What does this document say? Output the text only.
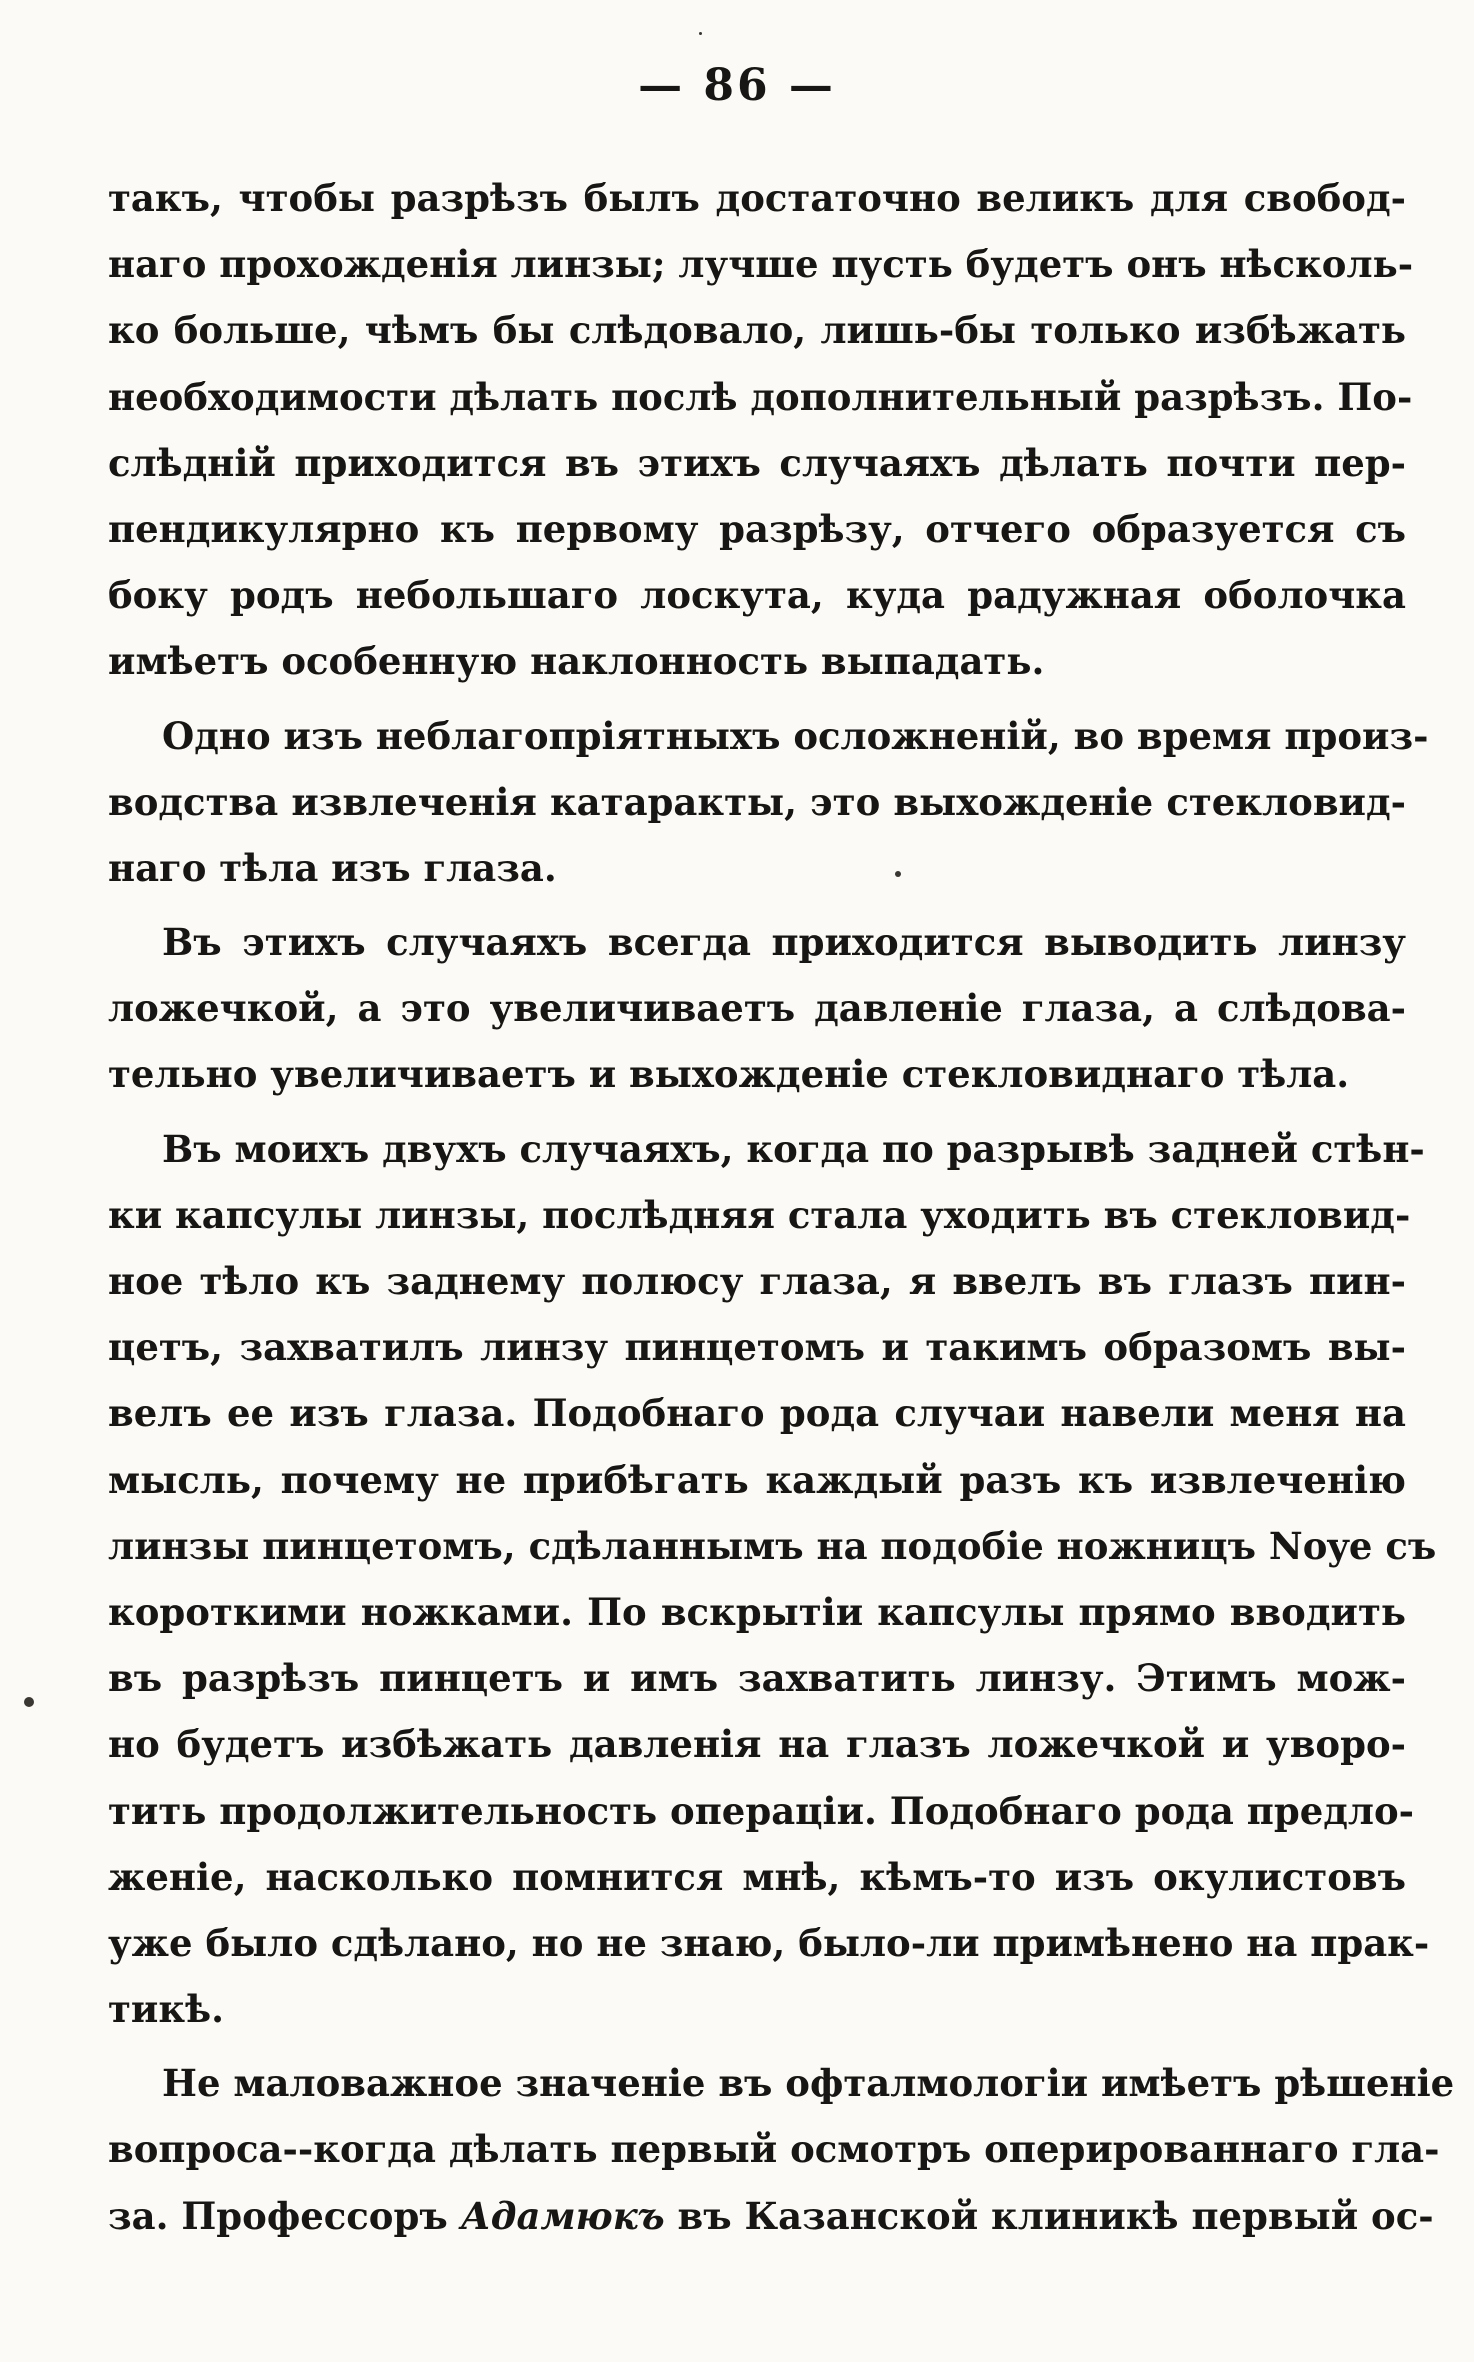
— 86 —
такъ, чтобы разрѣзъ былъ достаточно великъ для свобод-
наго прохожденія линзы; лучше пусть будетъ онъ нѣсколь-
ко больше, чѣмъ бы слѣдовало, лишь-бы только избѣжать
необходимости дѣлать послѣ дополнительный разрѣзъ. По-
слѣдній приходится въ этихъ случаяхъ дѣлать почти пер-
пендикулярно къ первому разрѣзу, отчего образуется съ
боку родъ небольшаго лоскута, куда радужная оболочка
имѣетъ особенную наклонность выпадать.
Одно изъ неблагопріятныхъ осложненій, во время произ-
водства извлеченія катаракты, это выхожденіе стекловид-
наго тѣла изъ глаза.
Въ этихъ случаяхъ всегда приходится выводить линзу
ложечкой, а это увеличиваетъ давленіе глаза, а слѣдова-
тельно увеличиваетъ и выхожденіе стекловиднаго тѣла.
Въ моихъ двухъ случаяхъ, когда по разрывѣ задней стѣн-
ки капсулы линзы, послѣдняя стала уходить въ стекловид-
ное тѣло къ заднему полюсу глаза, я ввелъ въ глазъ пин-
цетъ, захватилъ линзу пинцетомъ и такимъ образомъ вы-
велъ ее изъ глаза. Подобнаго рода случаи навели меня на
мысль, почему не прибѣгать каждый разъ къ извлеченію
линзы пинцетомъ, сдѣланнымъ на подобіе ножницъ Noyе съ
короткими ножками. По вскрытіи капсулы прямо вводить
въ разрѣзъ пинцетъ и имъ захватить линзу. Этимъ мож-
но будетъ избѣжать давленія на глазъ ложечкой и уворо-
тить продолжительность операціи. Подобнаго рода предло-
женіе, насколько помнится мнѣ, кѣмъ-то изъ окулистовъ
уже было сдѣлано, но не знаю, было-ли примѣнено на прак-
тикѣ.
Не маловажное значеніе въ офталмологіи имѣетъ рѣшеніе
вопроса--когда дѣлать первый осмотръ оперированнаго гла-
за. Профессоръ Адамюкъ въ Казанской клиникѣ первый ос-
